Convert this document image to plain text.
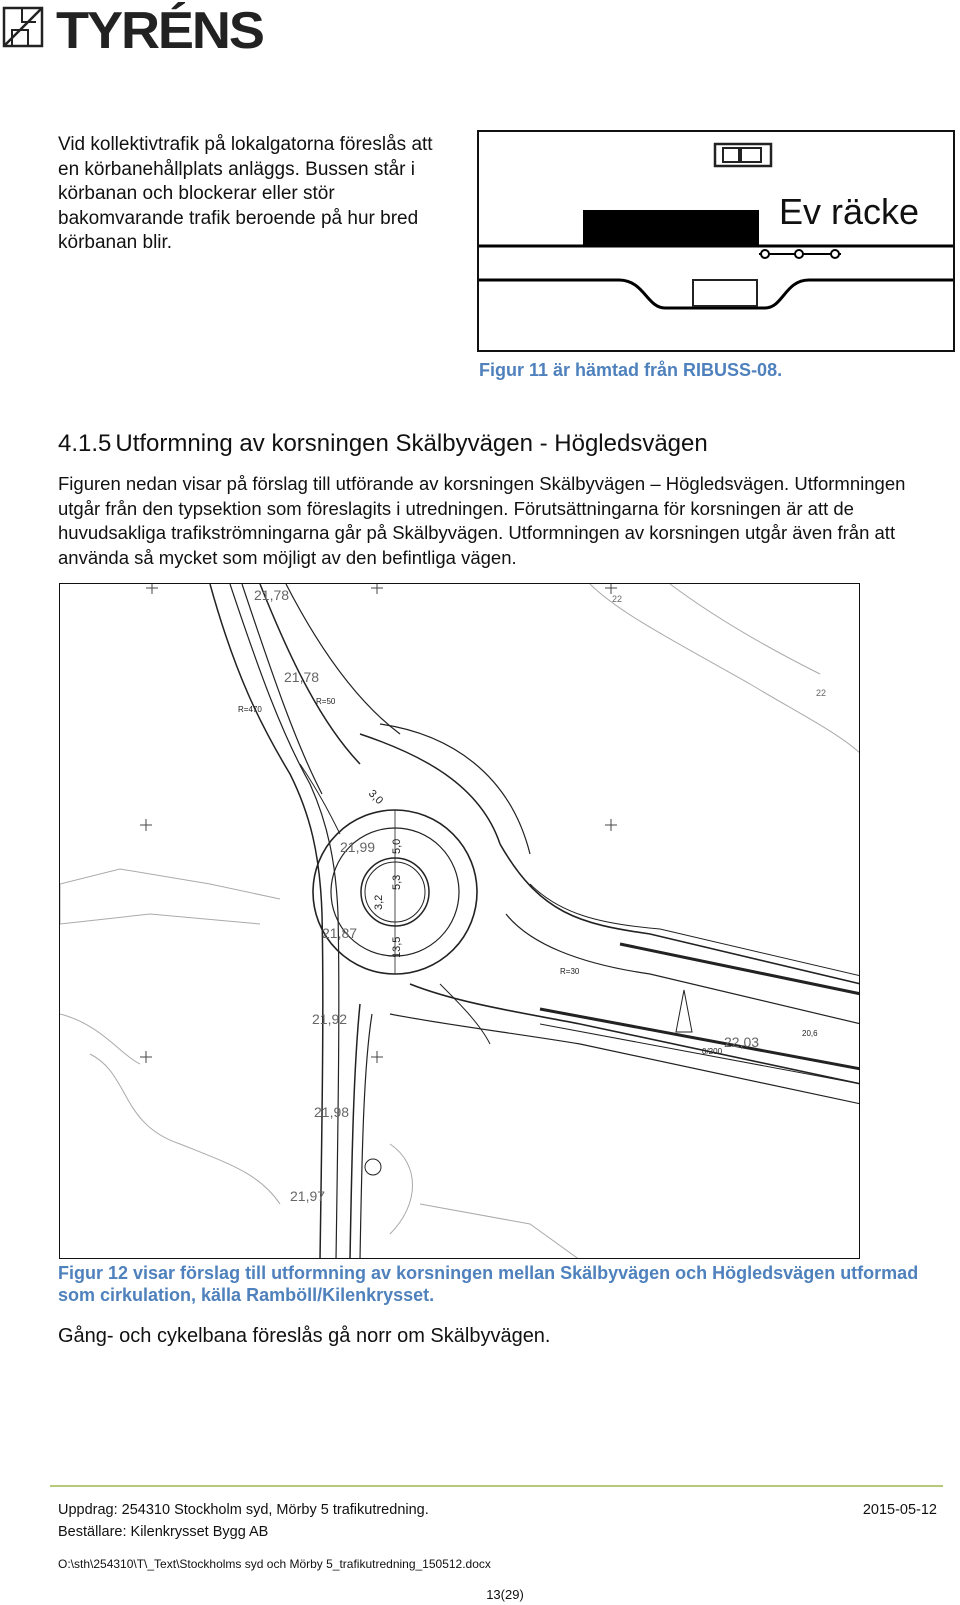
TYRÉNS
Vid kollektivtrafik på lokalgatorna föreslås att en körbanehållplats anläggs. Bussen står i körbanan och blockerar eller stör bakomvarande trafik beroende på hur bred körbanan blir.
Ev räcke
Figur 11 är hämtad från RIBUSS-08.
4.1.5 Utformning av korsningen Skälbyvägen - Högledsvägen
Figuren nedan visar på förslag till utförande av korsningen Skälbyvägen – Högledsvägen. Utformningen utgår från den typsektion som föreslagits i utredningen. Förutsättningarna för korsningen är att de huvudsakliga trafikströmningarna går på Skälbyvägen. Utformningen av korsningen utgår även från att använda så mycket som möjligt av den befintliga vägen.
21,78
21,78
21,99
21,87
21,92
21,98
21,97
22,03
22
22
R=470
R=50
R=30
20,6
0/200
5,0
5,3
3,2
13,5
3,0
Figur 12 visar förslag till utformning av korsningen mellan Skälbyvägen och Högledsvägen utformad som cirkulation, källa Ramböll/Kilenkrysset.
Gång- och cykelbana föreslås gå norr om Skälbyvägen.
Uppdrag: 254310 Stockholm syd, Mörby 5 trafikutredning.	2015-05-12
Beställare: Kilenkrysset Bygg AB
O:\sth\254310\T\_Text\Stockholms syd och Mörby 5_trafikutredning_150512.docx
13(29)
